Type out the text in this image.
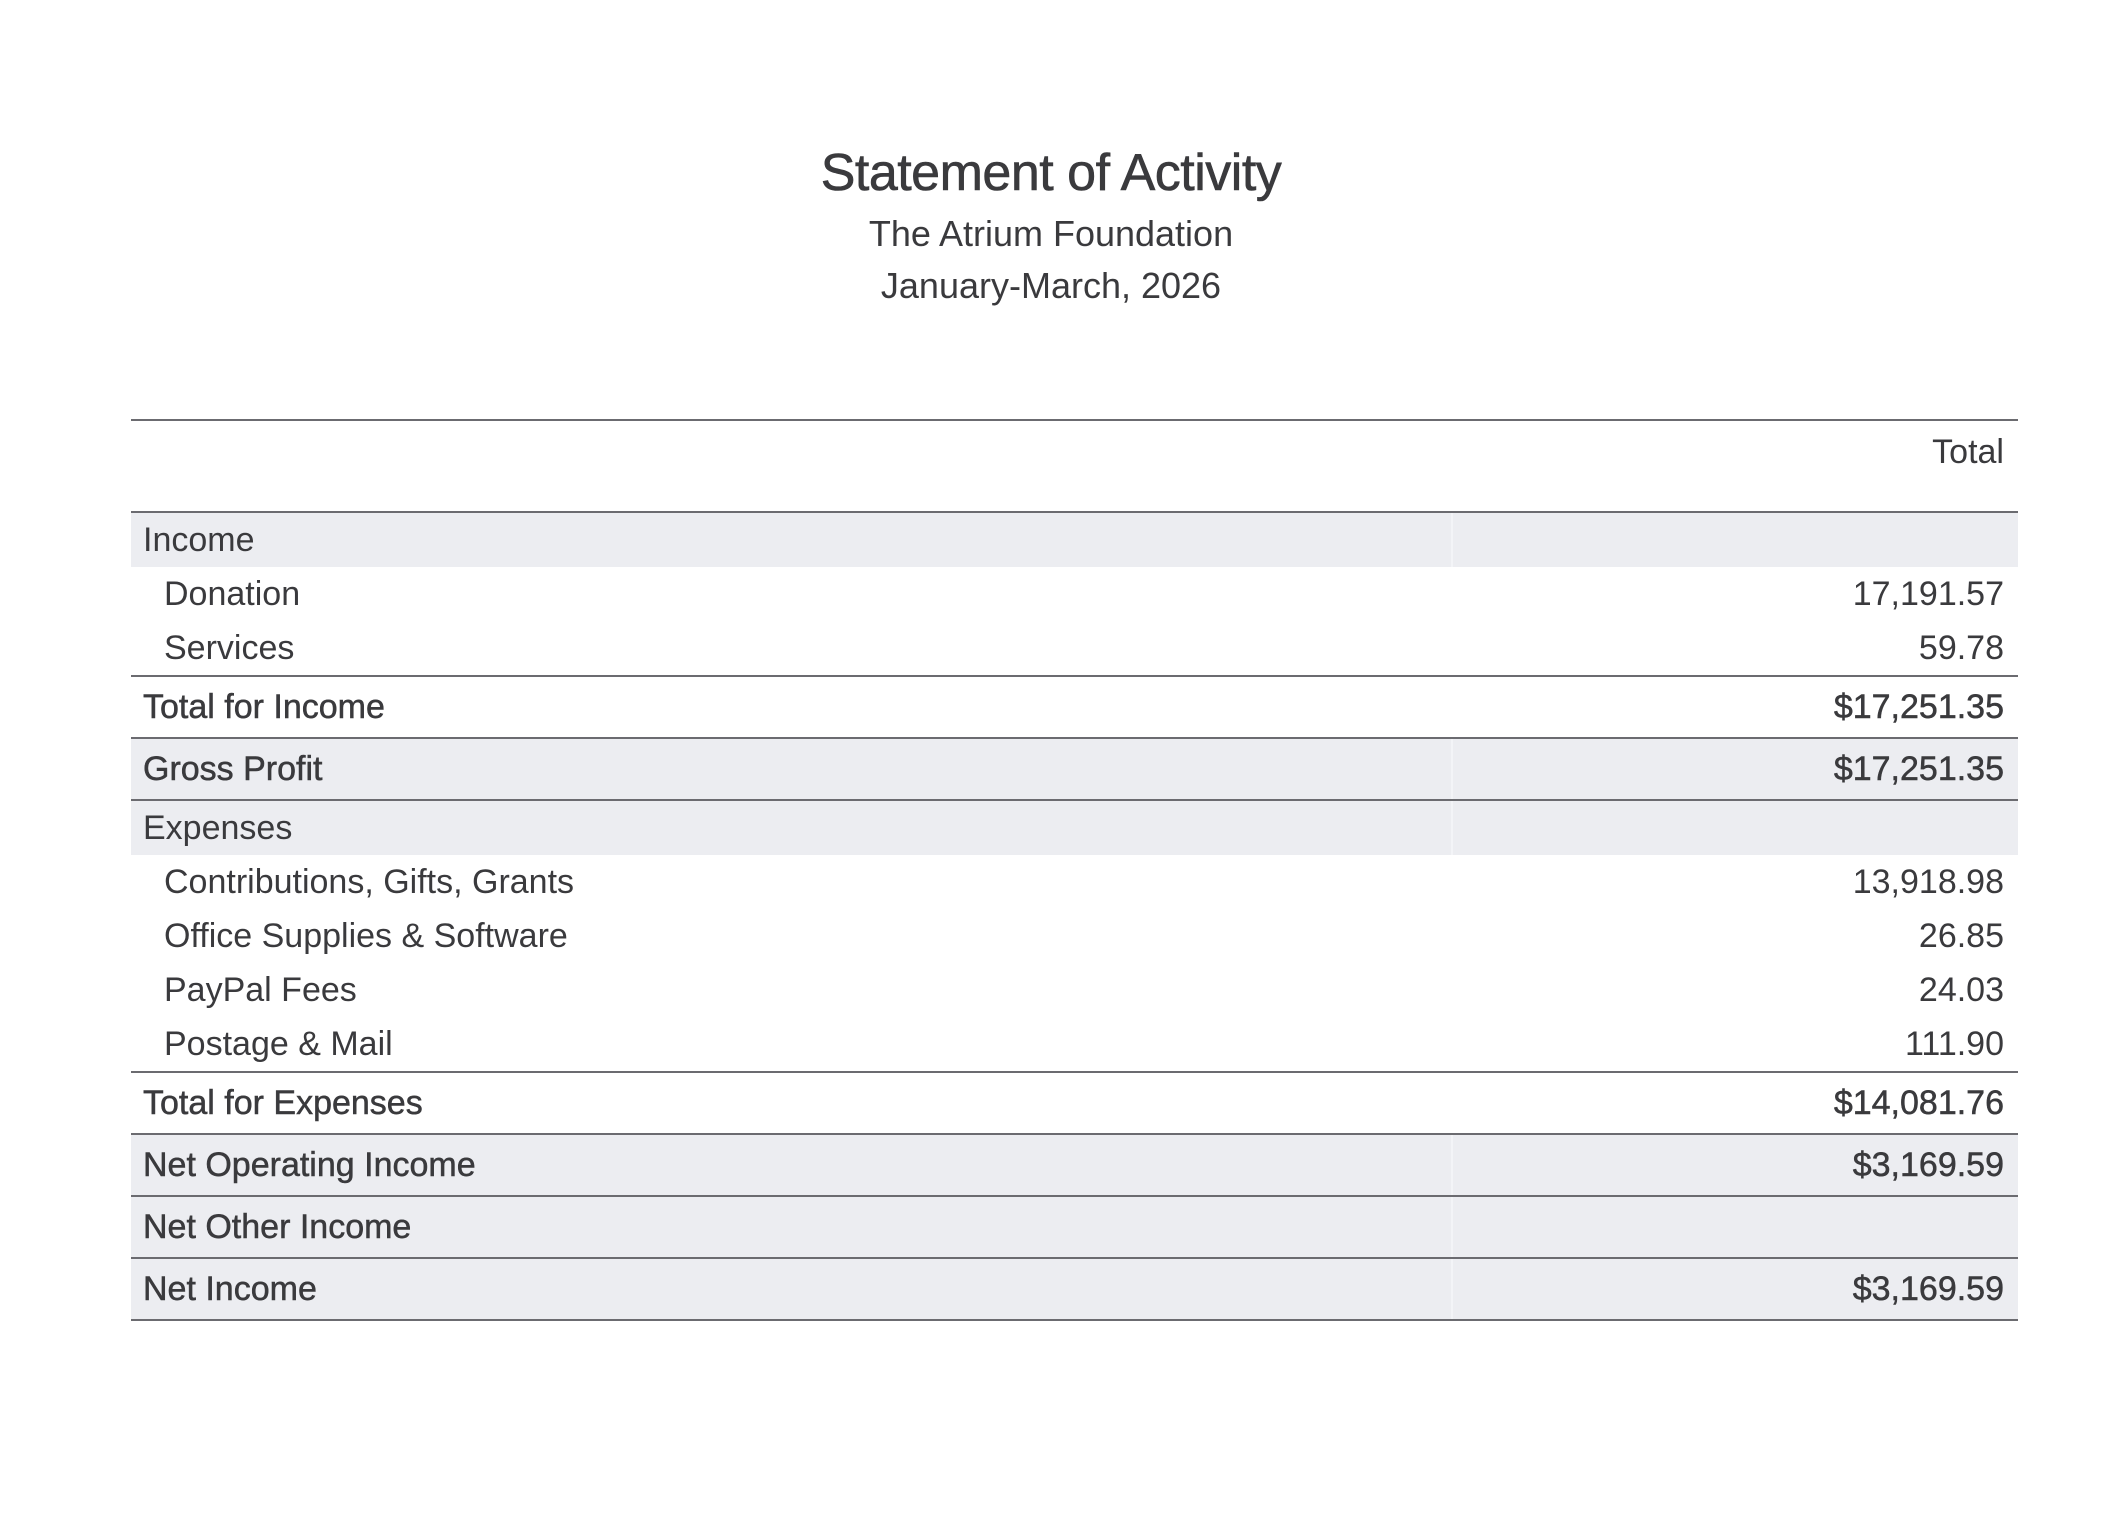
Statement of Activity
The Atrium Foundation
January-March, 2026
Total
Income
Donation	17,191.57
Services	59.78
Total for Income	$17,251.35
Gross Profit	$17,251.35
Expenses
Contributions, Gifts, Grants	13,918.98
Office Supplies & Software	26.85
PayPal Fees	24.03
Postage & Mail	111.90
Total for Expenses	$14,081.76
Net Operating Income	$3,169.59
Net Other Income
Net Income	$3,169.59
